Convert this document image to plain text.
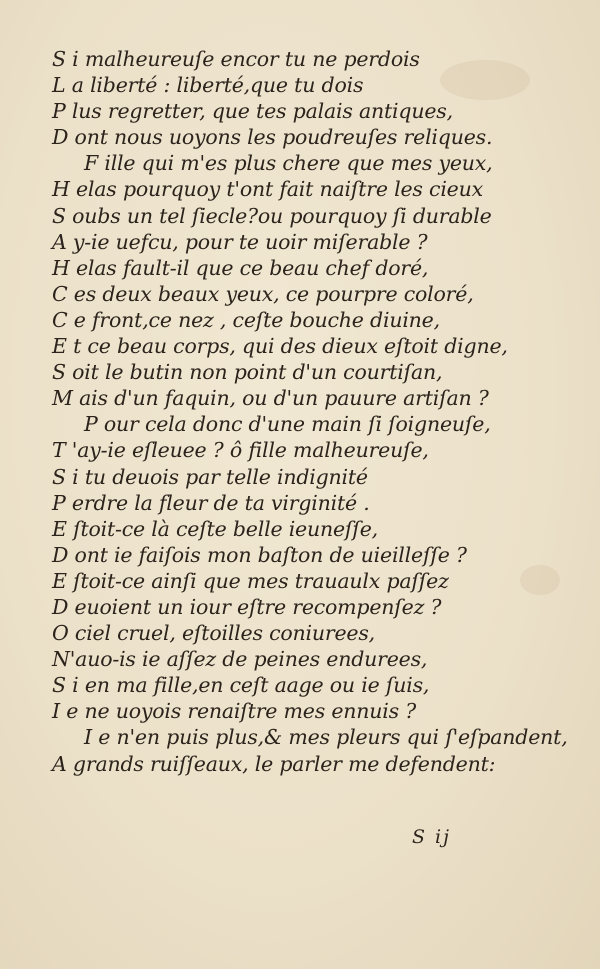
S i malheureuſe encor tu ne perdois
L a liberté : liberté,que tu dois
P lus regretter, que tes palais antiques,
D ont nous uoyons les poudreuſes reliques.
F ille qui m'es plus chere que mes yeux,
H elas pourquoy t'ont fait naiſtre les cieux
S oubs un tel ſiecle?ou pourquoy ſi durable
A y-ie uefcu, pour te uoir miſerable ?
H elas fault-il que ce beau chef doré,
C es deux beaux yeux, ce pourpre coloré,
C e front,ce nez , ceſte bouche diuine,
E t ce beau corps, qui des dieux eſtoit digne,
S oit le butin non point d'un courtiſan,
M ais d'un faquin, ou d'un pauure artiſan ?
P our cela donc d'une main ſi ſoigneuſe,
T 'ay-ie eſleuee ? ô fille malheureuſe,
S i tu deuois par telle indignité
P erdre la fleur de ta virginité .
E ſtoit-ce là ceſte belle ieuneſſe,
D ont ie faiſois mon baſton de uieilleſſe ?
E ſtoit-ce ainſi que mes trauaulx paſſez
D euoient un iour eſtre recompenſez ?
O ciel cruel, eſtoilles coniurees,
N'auo-is ie aſſez de peines endurees,
S i en ma fille,en ceſt aage ou ie ſuis,
I e ne uoyois renaiſtre mes ennuis ?
I e n'en puis plus,& mes pleurs qui ſ'eſpandent,
A grands ruiſſeaux, le parler me defendent:
S ij
